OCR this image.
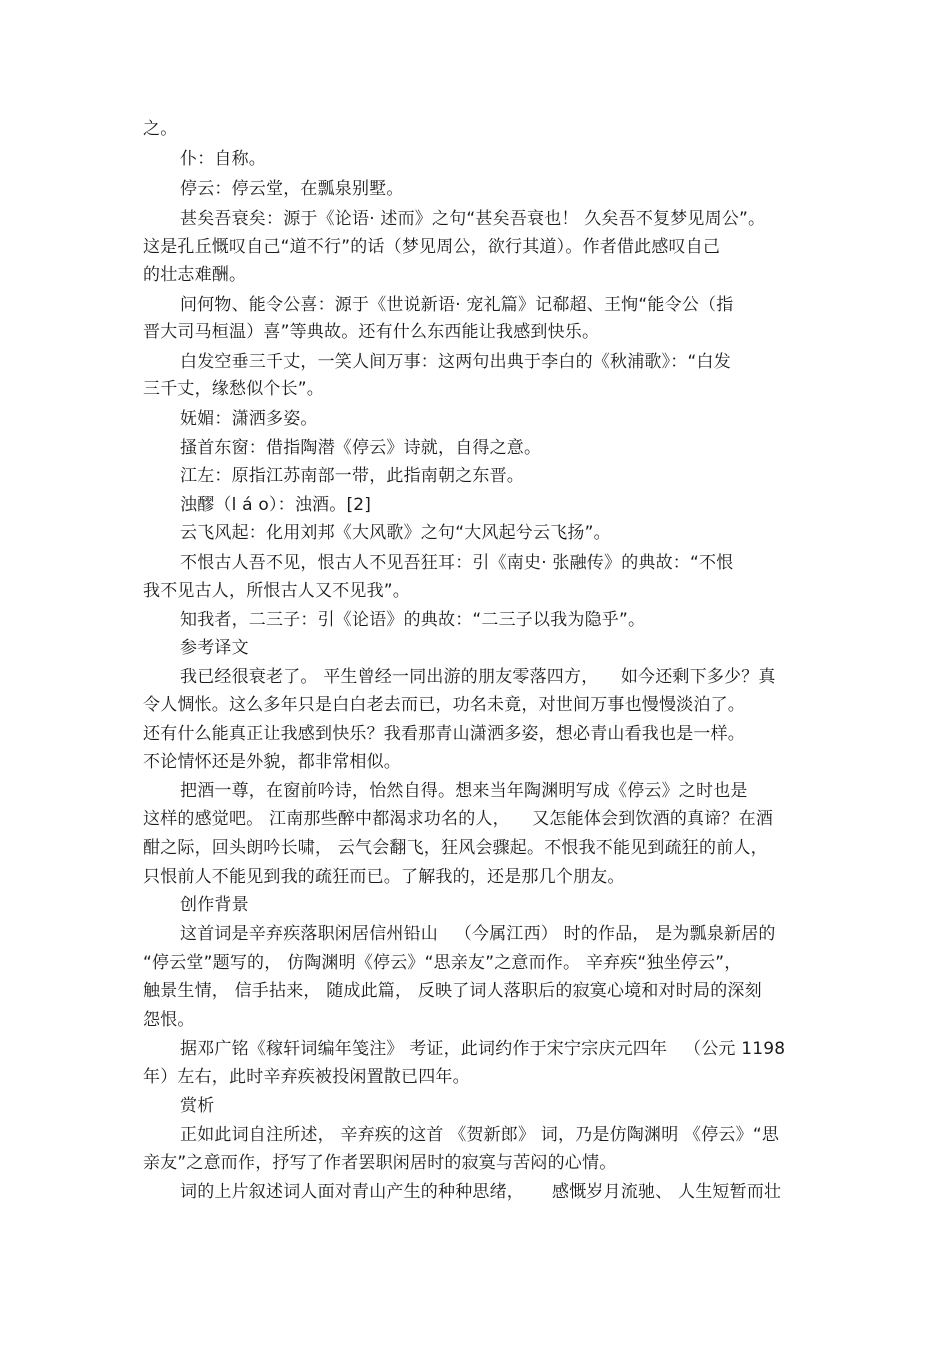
之。
仆：自称。
停云：停云堂，在瓢泉别墅。
甚矣吾衰矣：源于《论语· 述而》之句“甚矣吾衰也！ 久矣吾不复梦见周公”。
这是孔丘慨叹自己“道不行”的话（梦见周公，欲行其道）。作者借此感叹自己
的壮志难酬。
问何物、能令公喜：源于《世说新语· 宠礼篇》记郗超、王恂“能令公（指
晋大司马桓温）喜”等典故。还有什么东西能让我感到快乐。
白发空垂三千丈，一笑人间万事：这两句出典于李白的《秋浦歌》：“白发
三千丈，缘愁似个长”。
妩媚：潇洒多姿。
搔首东窗：借指陶潜《停云》诗就，自得之意。
江左：原指江苏南部一带，此指南朝之东晋。
浊醪（l á o）：浊酒。[2]
云飞风起：化用刘邦《大风歌》之句“大风起兮云飞扬”。
不恨古人吾不见，恨古人不见吾狂耳：引《南史· 张融传》的典故：“不恨
我不见古人，所恨古人又不见我”。
知我者，二三子：引《论语》的典故：“二三子以我为隐乎”。
参考译文
我已经很衰老了。 平生曾经一同出游的朋友零落四方，    如今还剩下多少？真
令人惆怅。这么多年只是白白老去而已，功名未竟，对世间万事也慢慢淡泊了。
还有什么能真正让我感到快乐？我看那青山潇洒多姿，想必青山看我也是一样。
不论情怀还是外貌，都非常相似。
把酒一尊，在窗前吟诗，怡然自得。想来当年陶渊明写成《停云》之时也是
这样的感觉吧。 江南那些醉中都渴求功名的人，    又怎能体会到饮酒的真谛？在酒
酣之际，回头朗吟长啸， 云气会翻飞，狂风会骤起。不恨我不能见到疏狂的前人，
只恨前人不能见到我的疏狂而已。了解我的，还是那几个朋友。
创作背景
这首词是辛弃疾落职闲居信州铅山   （今属江西） 时的作品， 是为瓢泉新居的
“停云堂”题写的， 仿陶渊明《停云》“思亲友”之意而作。 辛弃疾“独坐停云”，
触景生情， 信手拈来， 随成此篇， 反映了词人落职后的寂寞心境和对时局的深刻
怨恨。
据邓广铭《稼轩词编年笺注》 考证，此词约作于宋宁宗庆元四年   （公元 1198
年）左右，此时辛弃疾被投闲置散已四年。
赏析
正如此词自注所述， 辛弃疾的这首 《贺新郎》 词，乃是仿陶渊明 《停云》“思
亲友”之意而作，抒写了作者罢职闲居时的寂寞与苦闷的心情。
词的上片叙述词人面对青山产生的种种思绪，     感慨岁月流驰、 人生短暂而壮
